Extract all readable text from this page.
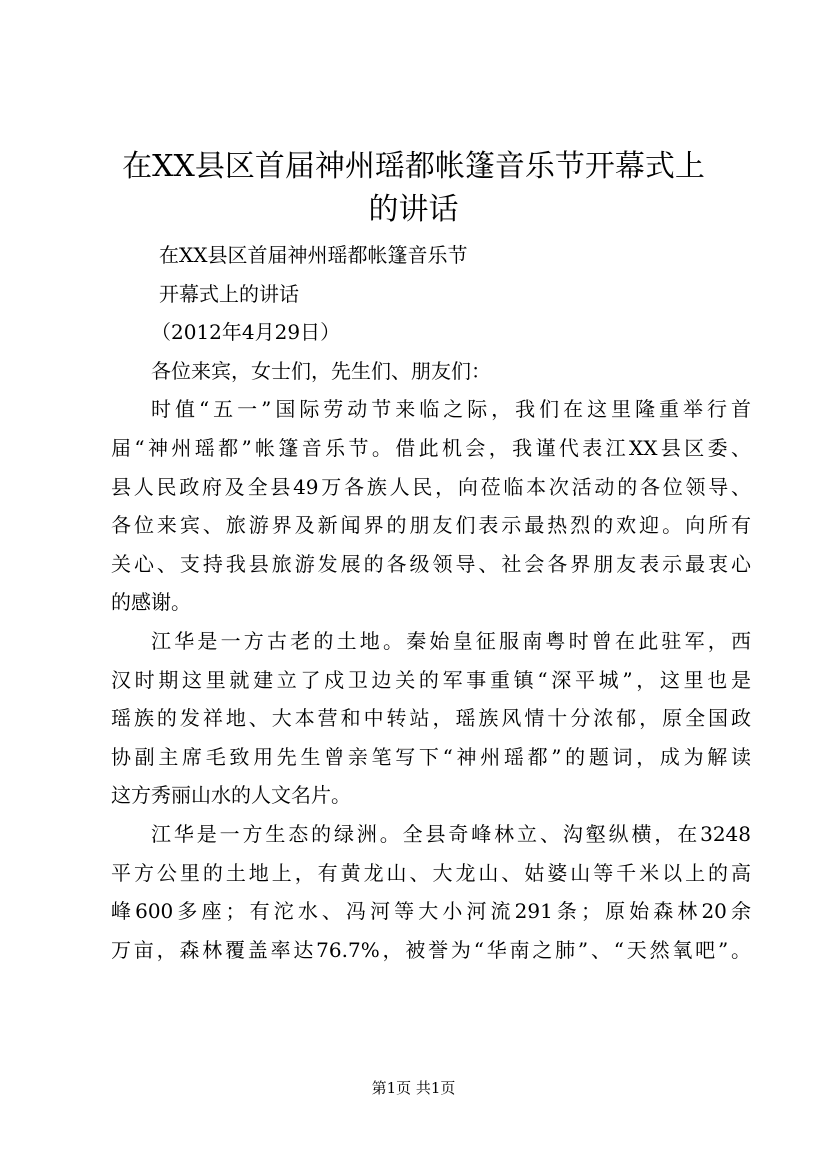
在XX县区首届神州瑶都帐篷音乐节开幕式上
的讲话
在XX县区首届神州瑶都帐篷音乐节
开幕式上的讲话
（2012年4月29日）
各位来宾，女士们，先生们、朋友们：
时值“五一”国际劳动节来临之际，我们在这里隆重举行首
届“神州瑶都”帐篷音乐节。借此机会，我谨代表江XX县区委、
县人民政府及全县49万各族人民，向莅临本次活动的各位领导、
各位来宾、旅游界及新闻界的朋友们表示最热烈的欢迎。向所有
关心、支持我县旅游发展的各级领导、社会各界朋友表示最衷心
的感谢。
江华是一方古老的土地。秦始皇征服南粤时曾在此驻军，西
汉时期这里就建立了戍卫边关的军事重镇“深平城”，这里也是
瑶族的发祥地、大本营和中转站，瑶族风情十分浓郁，原全国政
协副主席毛致用先生曾亲笔写下“神州瑶都”的题词，成为解读
这方秀丽山水的人文名片。
江华是一方生态的绿洲。全县奇峰林立、沟壑纵横，在3248
平方公里的土地上，有黄龙山、大龙山、姑婆山等千米以上的高
峰600多座；有沱水、冯河等大小河流291条；原始森林20余
万亩，森林覆盖率达76.7%，被誉为“华南之肺”、“天然氧吧”。
第1页 共1页
